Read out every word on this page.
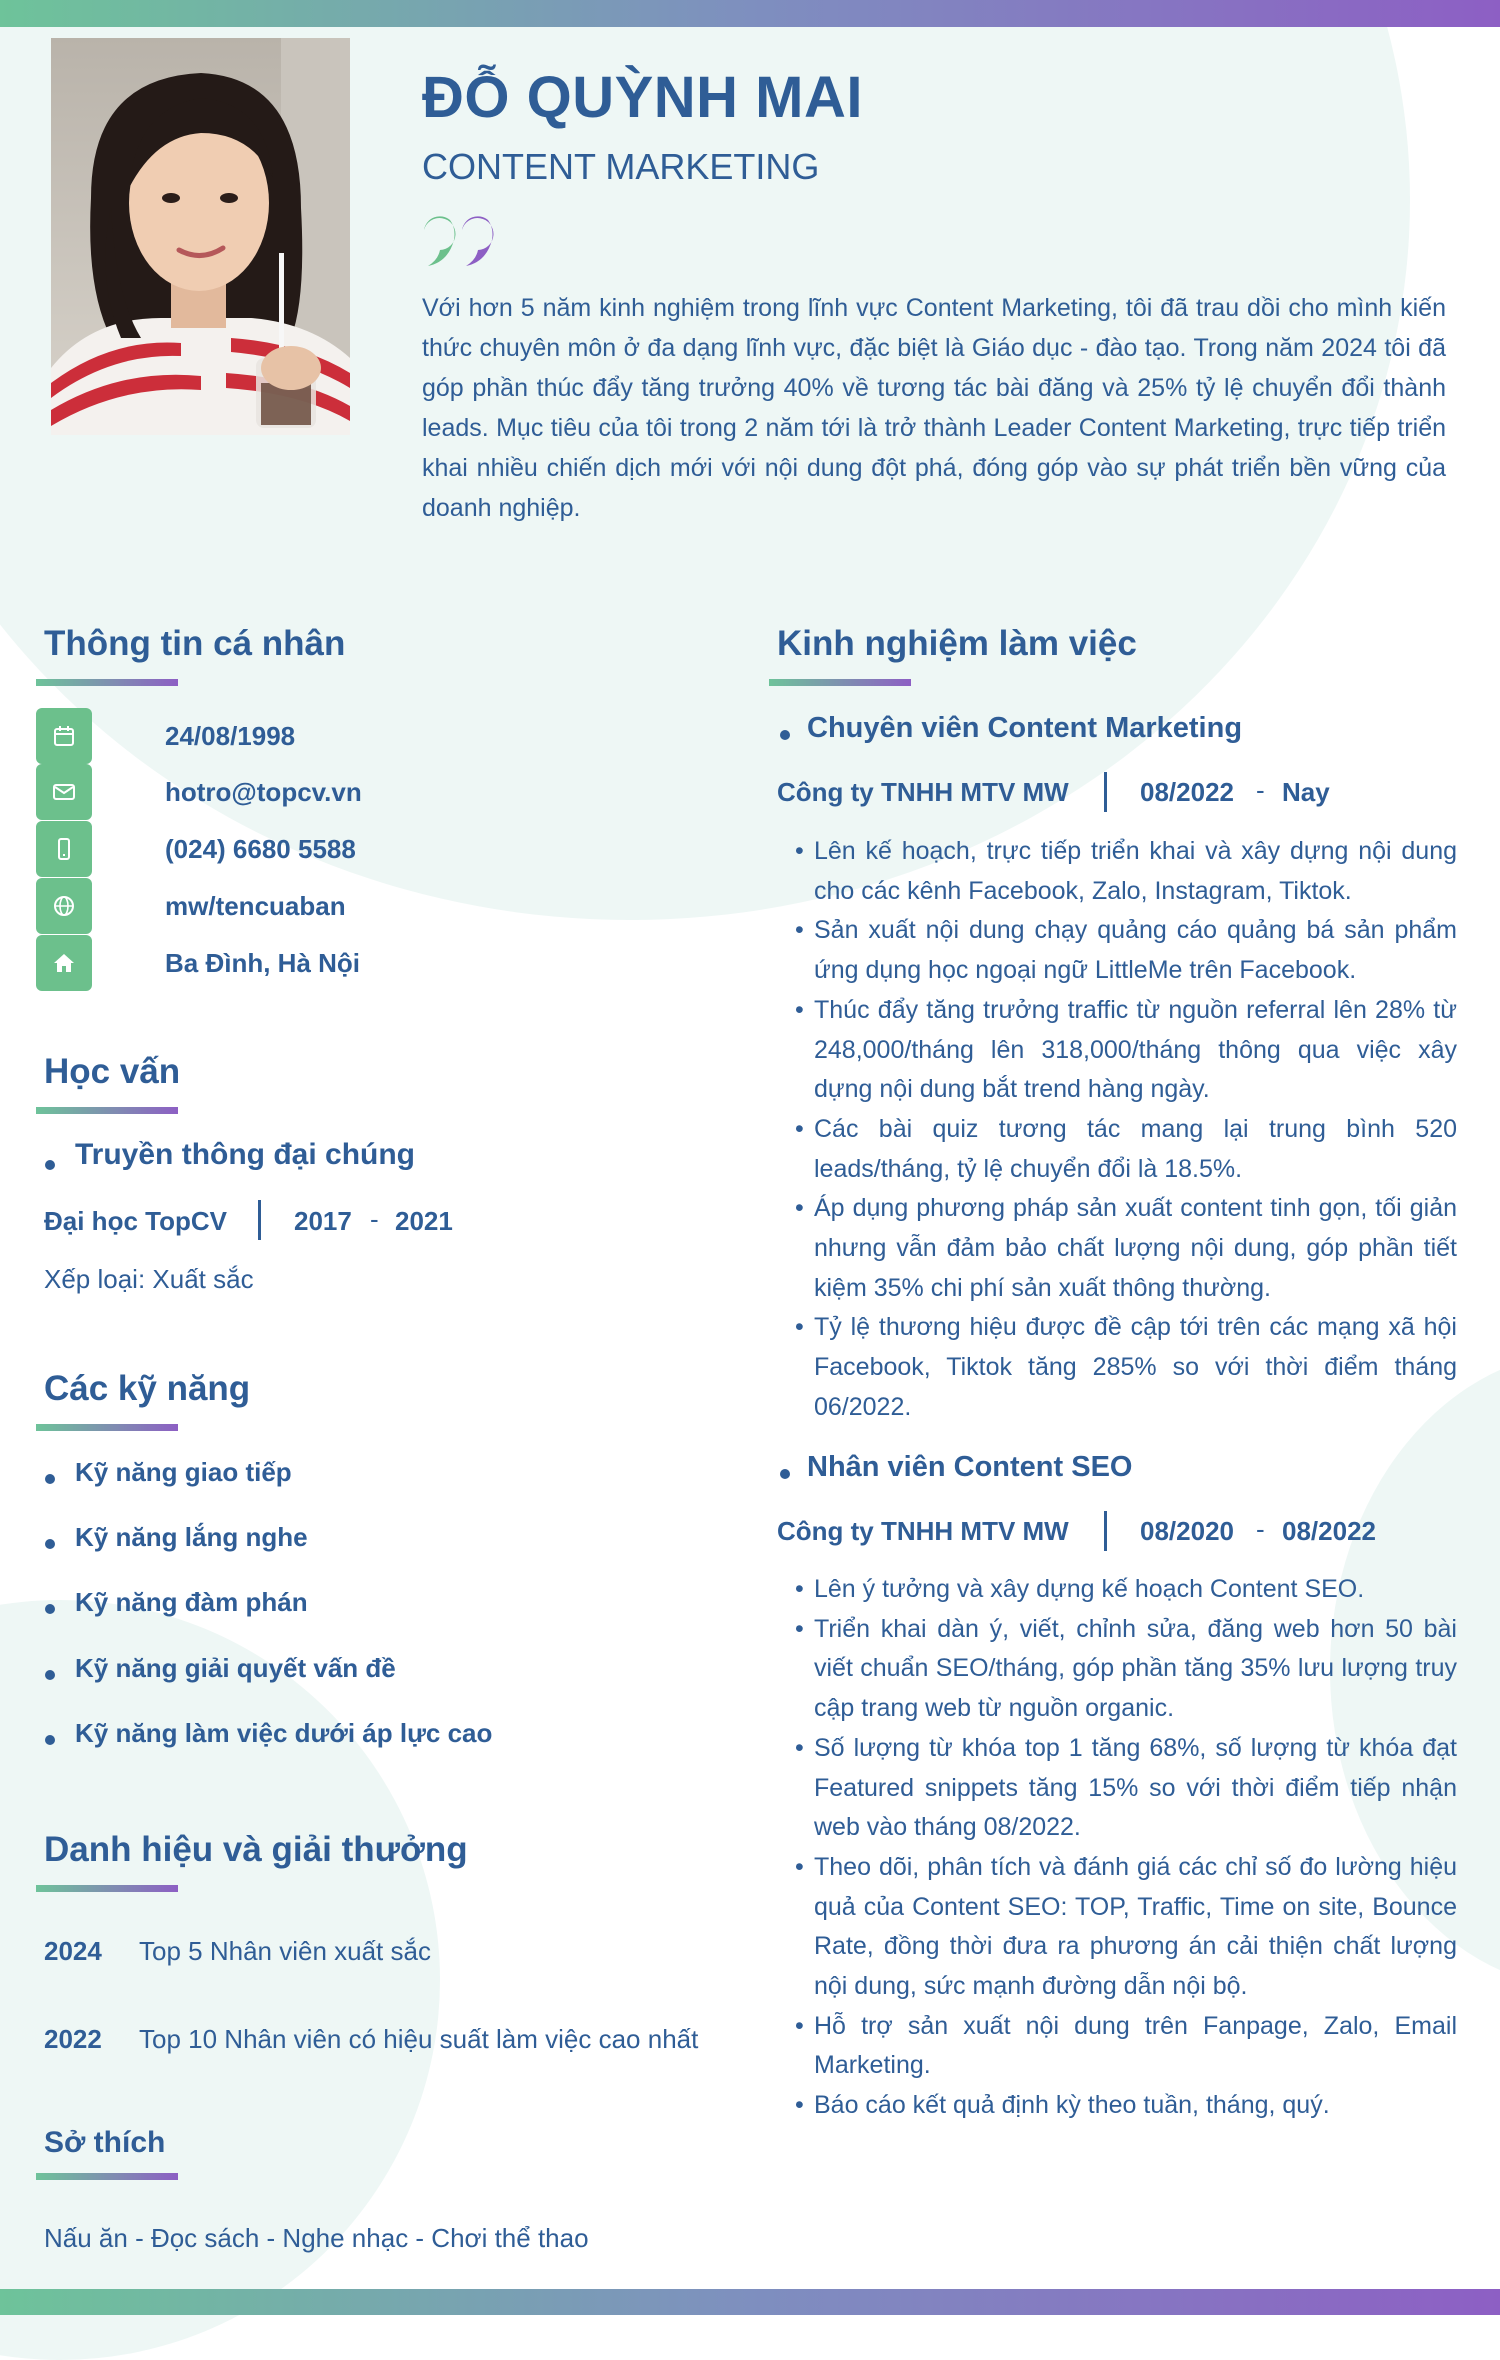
ĐỖ QUỲNH MAI
CONTENT MARKETING
Với hơn 5 năm kinh nghiệm trong lĩnh vực Content Marketing, tôi đã trau dồi cho mình kiến thức chuyên môn ở đa dạng lĩnh vực, đặc biệt là Giáo dục - đào tạo. Trong năm 2024 tôi đã góp phần thúc đẩy tăng trưởng 40% về tương tác bài đăng và 25% tỷ lệ chuyển đổi thành leads. Mục tiêu của tôi trong 2 năm tới là trở thành Leader Content Marketing, trực tiếp triển khai nhiều chiến dịch mới với nội dung đột phá, đóng góp vào sự phát triển bền vững của doanh nghiệp.
Thông tin cá nhân
24/08/1998
hotro@topcv.vn
(024) 6680 5588
mw/tencuaban
Ba Đình, Hà Nội
Học vấn
Truyền thông đại chúng
Đại học TopCV	2017 - 2021
Xếp loại: Xuất sắc
Các kỹ năng
Kỹ năng giao tiếp
Kỹ năng lắng nghe
Kỹ năng đàm phán
Kỹ năng giải quyết vấn đề
Kỹ năng làm việc dưới áp lực cao
Danh hiệu và giải thưởng
2024 Top 5 Nhân viên xuất sắc
2022 Top 10 Nhân viên có hiệu suất làm việc cao nhất
Sở thích
Nấu ăn - Đọc sách - Nghe nhạc - Chơi thể thao
Kinh nghiệm làm việc
Chuyên viên Content Marketing
Công ty TNHH MTV MW	08/2022 - Nay
• Lên kế hoạch, trực tiếp triển khai và xây dựng nội dung cho các kênh Facebook, Zalo, Instagram, Tiktok.
• Sản xuất nội dung chạy quảng cáo quảng bá sản phẩm ứng dụng học ngoại ngữ LittleMe trên Facebook.
• Thúc đẩy tăng trưởng traffic từ nguồn referral lên 28% từ 248,000/tháng lên 318,000/tháng thông qua việc xây dựng nội dung bắt trend hàng ngày.
• Các bài quiz tương tác mang lại trung bình 520 leads/tháng, tỷ lệ chuyển đổi là 18.5%.
• Áp dụng phương pháp sản xuất content tinh gọn, tối giản nhưng vẫn đảm bảo chất lượng nội dung, góp phần tiết kiệm 35% chi phí sản xuất thông thường.
• Tỷ lệ thương hiệu được đề cập tới trên các mạng xã hội Facebook, Tiktok tăng 285% so với thời điểm tháng 06/2022.
Nhân viên Content SEO
Công ty TNHH MTV MW	08/2020 - 08/2022
• Lên ý tưởng và xây dựng kế hoạch Content SEO.
• Triển khai dàn ý, viết, chỉnh sửa, đăng web hơn 50 bài viết chuẩn SEO/tháng, góp phần tăng 35% lưu lượng truy cập trang web từ nguồn organic.
• Số lượng từ khóa top 1 tăng 68%, số lượng từ khóa đạt Featured snippets tăng 15% so với thời điểm tiếp nhận web vào tháng 08/2022.
• Theo dõi, phân tích và đánh giá các chỉ số đo lường hiệu quả của Content SEO: TOP, Traffic, Time on site, Bounce Rate, đồng thời đưa ra phương án cải thiện chất lượng nội dung, sức mạnh đường dẫn nội bộ.
• Hỗ trợ sản xuất nội dung trên Fanpage, Zalo, Email Marketing.
• Báo cáo kết quả định kỳ theo tuần, tháng, quý.
